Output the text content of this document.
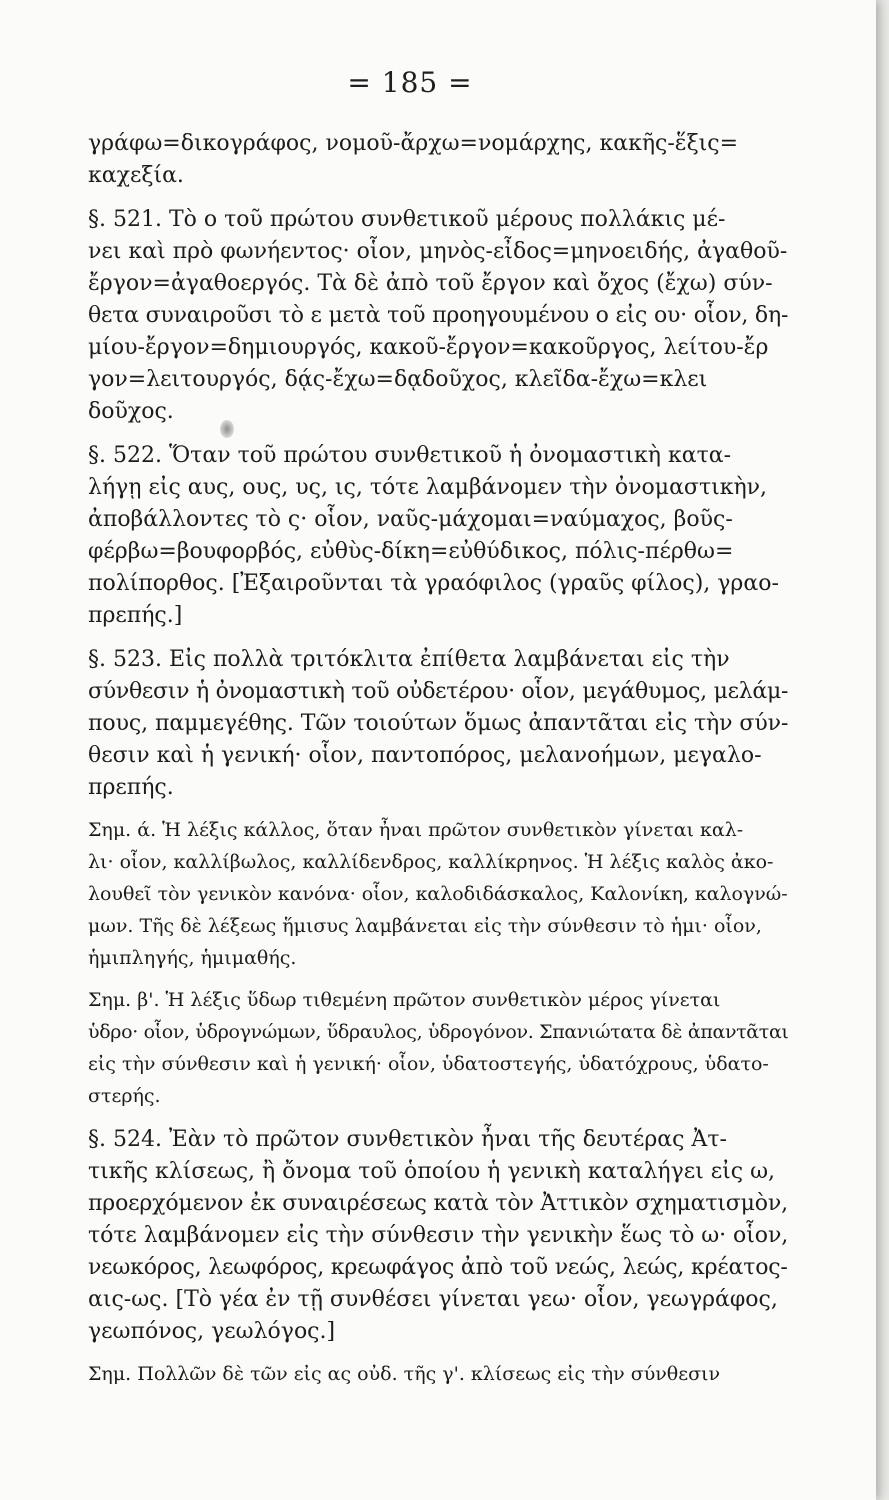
= 185 =
γράφω=δικογράφος, νομοῦ-ἄρχω=νομάρχης, κακῆς-ἕξις=
καχεξία.
§. 521. Τὸ ο τοῦ πρώτου συνθετικοῦ μέρους πολλάκις μέ-
νει καὶ πρὸ φωνήεντος· οἷον, μηνὸς-εἶδος=μηνοειδής, ἀγαθοῦ-
ἔργον=ἀγαθοεργός. Τὰ δὲ ἀπὸ τοῦ ἔργον καὶ ὄχος (ἔχω) σύν-
θετα συναιροῦσι τὸ ε μετὰ τοῦ προηγουμένου ο εἰς ου· οἷον, δη-
μίου-ἔργον=δημιουργός, κακοῦ-ἔργον=κακοῦργος, λείτου-ἔρ
γον=λειτουργός, δᾴς-ἔχω=δᾳδοῦχος, κλεῖδα-ἔχω=κλει
δοῦχος.
§. 522. Ὅταν τοῦ πρώτου συνθετικοῦ ἡ ὀνομαστικὴ κατα-
λήγῃ εἰς αυς, ους, υς, ις, τότε λαμβάνομεν τὴν ὀνομαστικὴν,
ἀποβάλλοντες τὸ ς· οἷον, ναῦς-μάχομαι=ναύμαχος, βοῦς-
φέρβω=βουφορβός, εὐθὺς-δίκη=εὐθύδικος, πόλις-πέρθω=
πολίπορθος. [Ἐξαιροῦνται τὰ γραόφιλος (γραῦς φίλος), γραο-
πρεπής.]
§. 523. Εἰς πολλὰ τριτόκλιτα ἐπίθετα λαμβάνεται εἰς τὴν
σύνθεσιν ἡ ὀνομαστικὴ τοῦ οὐδετέρου· οἷον, μεγάθυμος, μελάμ-
πους, παμμεγέθης. Τῶν τοιούτων ὅμως ἀπαντᾶται εἰς τὴν σύν-
θεσιν καὶ ἡ γενική· οἷον, παντοπόρος, μελανοήμων, μεγαλο-
πρεπής.
Σημ. ά. Ἡ λέξις κάλλος, ὅταν ἦναι πρῶτον συνθετικὸν γίνεται καλ-
λι· οἷον, καλλίβωλος, καλλίδενδρος, καλλίκρηνος. Ἡ λέξις καλὸς ἀκο-
λουθεῖ τὸν γενικὸν κανόνα· οἷον, καλοδιδάσκαλος, Καλονίκη, καλογνώ-
μων. Τῆς δὲ λέξεως ἥμισυς λαμβάνεται εἰς τὴν σύνθεσιν τὸ ἡμι· οἷον,
ἡμιπληγής, ἡμιμαθής.
Σημ. β'. Ἡ λέξις ὕδωρ τιθεμένη πρῶτον συνθετικὸν μέρος γίνεται
ὑδρο· οἷον, ὑδρογνώμων, ὕδραυλος, ὑδρογόνον. Σπανιώτατα δὲ ἀπαντᾶται
εἰς τὴν σύνθεσιν καὶ ἡ γενική· οἷον, ὑδατοστεγής, ὑδατόχρους, ὑδατο-
στερής.
§. 524. Ἐὰν τὸ πρῶτον συνθετικὸν ἦναι τῆς δευτέρας Ἀτ-
τικῆς κλίσεως, ἢ ὄνομα τοῦ ὁποίου ἡ γενικὴ καταλήγει εἰς ω,
προερχόμενον ἐκ συναιρέσεως κατὰ τὸν Ἀττικὸν σχηματισμὸν,
τότε λαμβάνομεν εἰς τὴν σύνθεσιν τὴν γενικὴν ἕως τὸ ω· οἷον,
νεωκόρος, λεωφόρος, κρεωφάγος ἀπὸ τοῦ νεώς, λεώς, κρέατος-
αις-ως. [Τὸ γέα ἐν τῇ συνθέσει γίνεται γεω· οἷον, γεωγράφος,
γεωπόνος, γεωλόγος.]
Σημ. Πολλῶν δὲ τῶν εἰς ας οὐδ. τῆς γ'. κλίσεως εἰς τὴν σύνθεσιν
